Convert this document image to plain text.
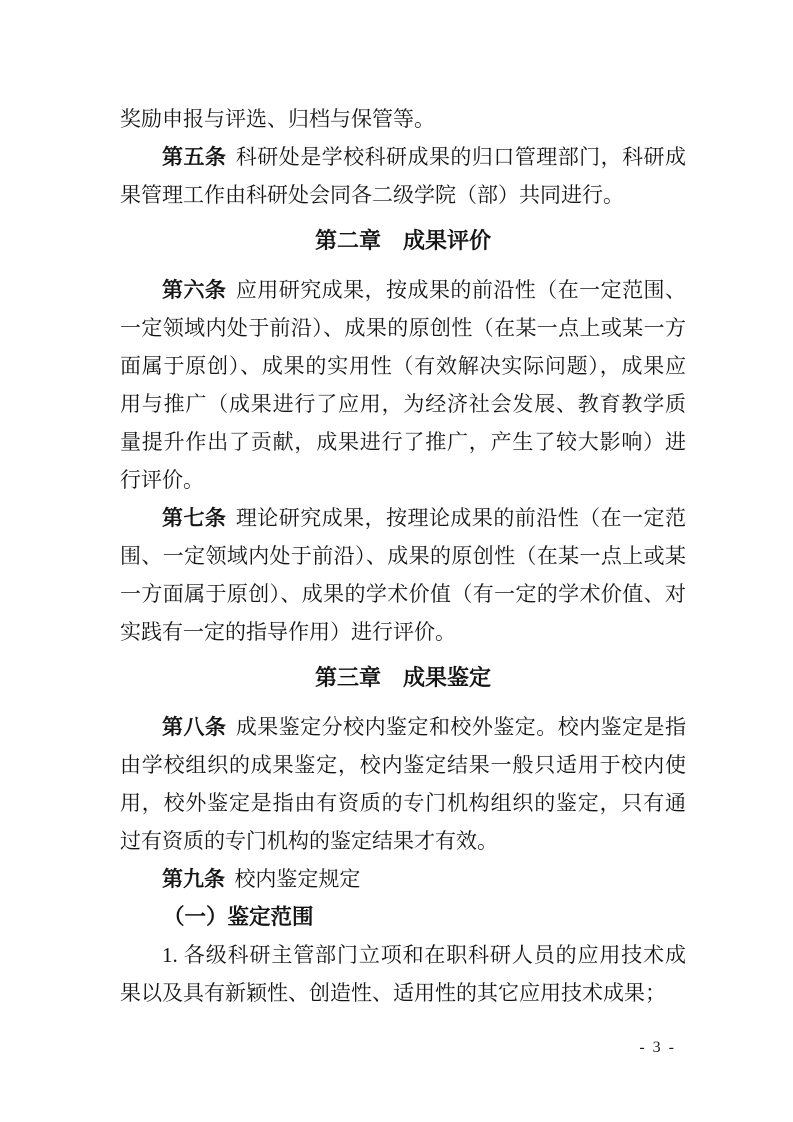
奖励申报与评选、归档与保管等。

第五条 科研处是学校科研成果的归口管理部门，科研成果管理工作由科研处会同各二级学院（部）共同进行。

第二章　成果评价

第六条 应用研究成果，按成果的前沿性（在一定范围、一定领域内处于前沿）、成果的原创性（在某一点上或某一方面属于原创）、成果的实用性（有效解决实际问题），成果应用与推广（成果进行了应用，为经济社会发展、教育教学质量提升作出了贡献，成果进行了推广，产生了较大影响）进行评价。

第七条 理论研究成果，按理论成果的前沿性（在一定范围、一定领域内处于前沿）、成果的原创性（在某一点上或某一方面属于原创）、成果的学术价值（有一定的学术价值、对实践有一定的指导作用）进行评价。

第三章　成果鉴定

第八条 成果鉴定分校内鉴定和校外鉴定。校内鉴定是指由学校组织的成果鉴定，校内鉴定结果一般只适用于校内使用，校外鉴定是指由有资质的专门机构组织的鉴定，只有通过有资质的专门机构的鉴定结果才有效。

第九条 校内鉴定规定

（一）鉴定范围

1. 各级科研主管部门立项和在职科研人员的应用技术成果以及具有新颖性、创造性、适用性的其它应用技术成果；

- 3 -
